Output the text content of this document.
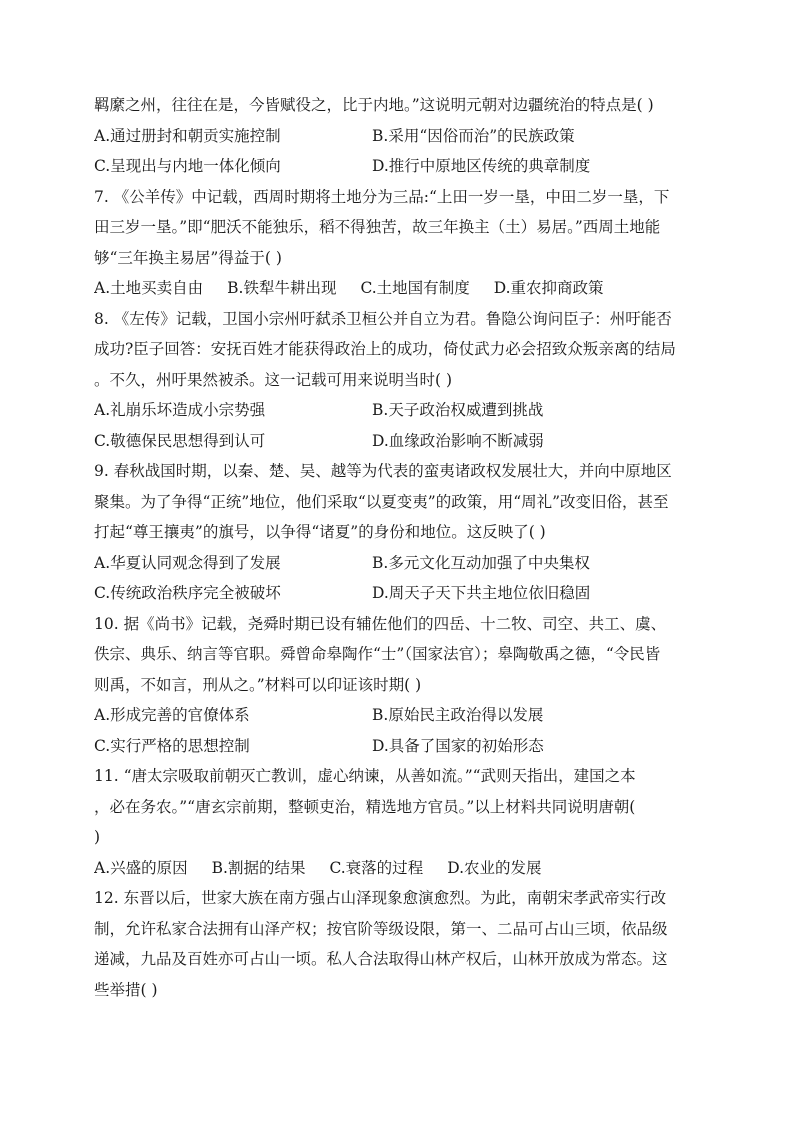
羁縻之州，往往在是，今皆赋役之，比于内地。”这说明元朝对边疆统治的特点是( )
A.通过册封和朝贡实施控制	B.采用“因俗而治”的民族政策
C.呈现出与内地一体化倾向	D.推行中原地区传统的典章制度
7. 《公羊传》中记载，西周时期将土地分为三品:“上田一岁一垦，中田二岁一垦，下
田三岁一垦。”即“肥沃不能独乐，稻不得独苦，故三年换主（土）易居。”西周土地能
够“三年换主易居”得益于( )
A.土地买卖自由 B.铁犁牛耕出现 C.土地国有制度 D.重农抑商政策
8. 《左传》记载，卫国小宗州吁弑杀卫桓公并自立为君。鲁隐公询问臣子：州吁能否
成功?臣子回答：安抚百姓才能获得政治上的成功，倚仗武力必会招致众叛亲离的结局
。不久，州吁果然被杀。这一记载可用来说明当时( )
A.礼崩乐坏造成小宗势强	B.天子政治权威遭到挑战
C.敬德保民思想得到认可	D.血缘政治影响不断减弱
9. 春秋战国时期，以秦、楚、吴、越等为代表的蛮夷诸政权发展壮大，并向中原地区
聚集。为了争得“正统”地位，他们采取“以夏变夷”的政策，用“周礼”改变旧俗，甚至
打起“尊王攘夷”的旗号，以争得“诸夏”的身份和地位。这反映了( )
A.华夏认同观念得到了发展	B.多元文化互动加强了中央集权
C.传统政治秩序完全被破坏	D.周天子天下共主地位依旧稳固
10. 据《尚书》记载，尧舜时期已设有辅佐他们的四岳、十二牧、司空、共工、虞、
佚宗、典乐、纳言等官职。舜曾命皋陶作“士”（国家法官）；皋陶敬禹之德，“令民皆
则禹，不如言，刑从之。”材料可以印证该时期( )
A.形成完善的官僚体系	B.原始民主政治得以发展
C.实行严格的思想控制	D.具备了国家的初始形态
11. “唐太宗吸取前朝灭亡教训，虚心纳谏，从善如流。”“武则天指出，建国之本
，必在务农。”“唐玄宗前期，整顿吏治，精选地方官员。”以上材料共同说明唐朝(
)
A.兴盛的原因 B.割据的结果 C.衰落的过程 D.农业的发展
12. 东晋以后，世家大族在南方强占山泽现象愈演愈烈。为此，南朝宋孝武帝实行改
制，允许私家合法拥有山泽产权；按官阶等级设限，第一、二品可占山三顷，依品级
递减，九品及百姓亦可占山一顷。私人合法取得山林产权后，山林开放成为常态。这
些举措( )
